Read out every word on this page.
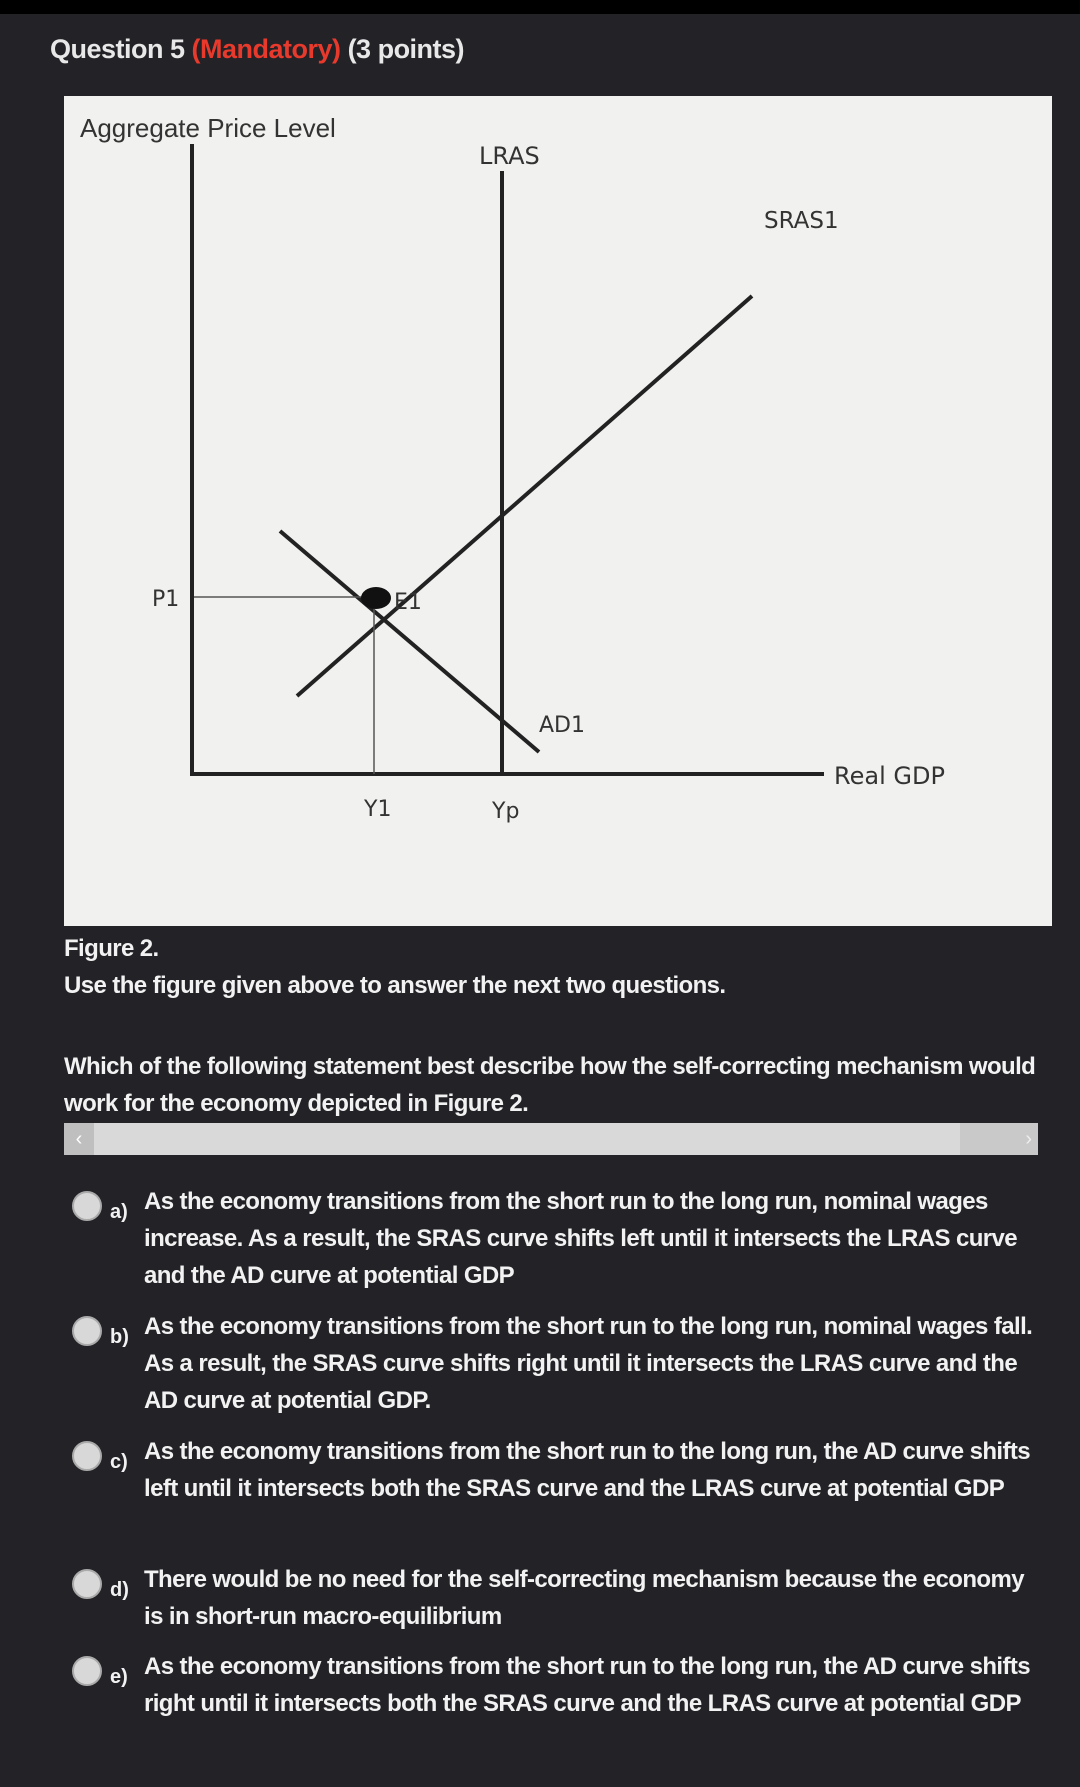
Question 5 (Mandatory) (3 points)
Aggregate Price Level
LRAS
SRAS1
E1
P1
AD1
Real GDP
Y1	Yp
Figure 2.
Use the figure given above to answer the next two questions.
Which of the following statement best describe how the self-correcting mechanism would work for the economy depicted in Figure 2.
‹	›
a) As the economy transitions from the short run to the long run, nominal wages increase. As a result, the SRAS curve shifts left until it intersects the LRAS curve and the AD curve at potential GDP
b) As the economy transitions from the short run to the long run, nominal wages fall. As a result, the SRAS curve shifts right until it intersects the LRAS curve and the AD curve at potential GDP.
c) As the economy transitions from the short run to the long run, the AD curve shifts left until it intersects both the SRAS curve and the LRAS curve at potential GDP
d) There would be no need for the self-correcting mechanism because the economy is in short-run macro-equilibrium
e) As the economy transitions from the short run to the long run, the AD curve shifts right until it intersects both the SRAS curve and the LRAS curve at potential GDP
